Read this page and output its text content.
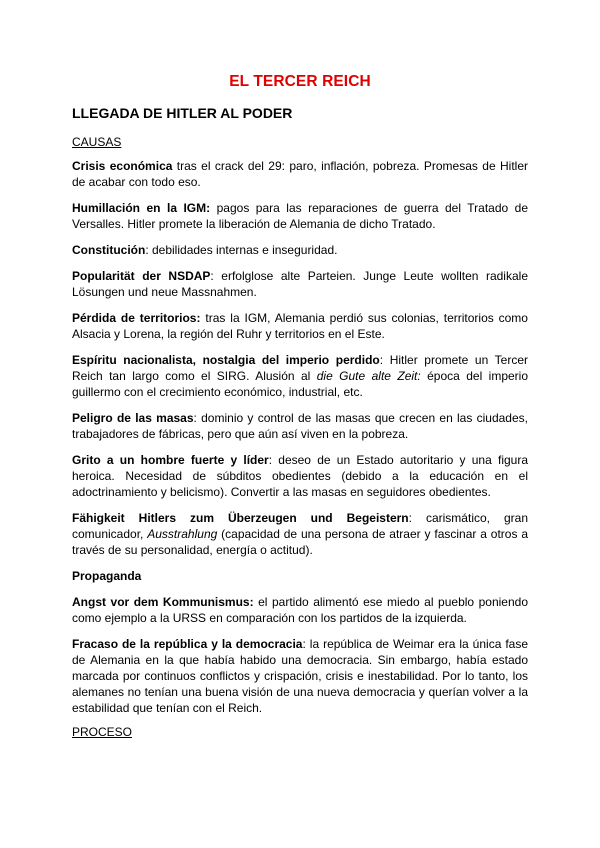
EL TERCER REICH
LLEGADA DE HITLER AL PODER
CAUSAS
Crisis económica tras el crack del 29: paro, inflación, pobreza. Promesas de Hitler de acabar con todo eso.
Humillación en la IGM: pagos para las reparaciones de guerra del Tratado de Versalles. Hitler promete la liberación de Alemania de dicho Tratado.
Constitución: debilidades internas e inseguridad.
Popularität der NSDAP: erfolglose alte Parteien. Junge Leute wollten radikale Lösungen und neue Massnahmen.
Pérdida de territorios: tras la IGM, Alemania perdió sus colonias, territorios como Alsacia y Lorena, la región del Ruhr y territorios en el Este.
Espíritu nacionalista, nostalgia del imperio perdido: Hitler promete un Tercer Reich tan largo como el SIRG. Alusión al die Gute alte Zeit: época del imperio guillermo con el crecimiento económico, industrial, etc.
Peligro de las masas: dominio y control de las masas que crecen en las ciudades, trabajadores de fábricas, pero que aún así viven en la pobreza.
Grito a un hombre fuerte y líder: deseo de un Estado autoritario y una figura heroica. Necesidad de súbditos obedientes (debido a la educación en el adoctrinamiento y belicismo). Convertir a las masas en seguidores obedientes.
Fähigkeit Hitlers zum Überzeugen und Begeistern: carismático, gran comunicador, Ausstrahlung (capacidad de una persona de atraer y fascinar a otros a través de su personalidad, energía o actitud).
Propaganda
Angst vor dem Kommunismus: el partido alimentó ese miedo al pueblo poniendo como ejemplo a la URSS en comparación con los partidos de la izquierda.
Fracaso de la república y la democracia: la república de Weimar era la única fase de Alemania en la que había habido una democracia. Sin embargo, había estado marcada por continuos conflictos y crispación, crisis e inestabilidad. Por lo tanto, los alemanes no tenían una buena visión de una nueva democracia y querían volver a la estabilidad que tenían con el Reich.
PROCESO
